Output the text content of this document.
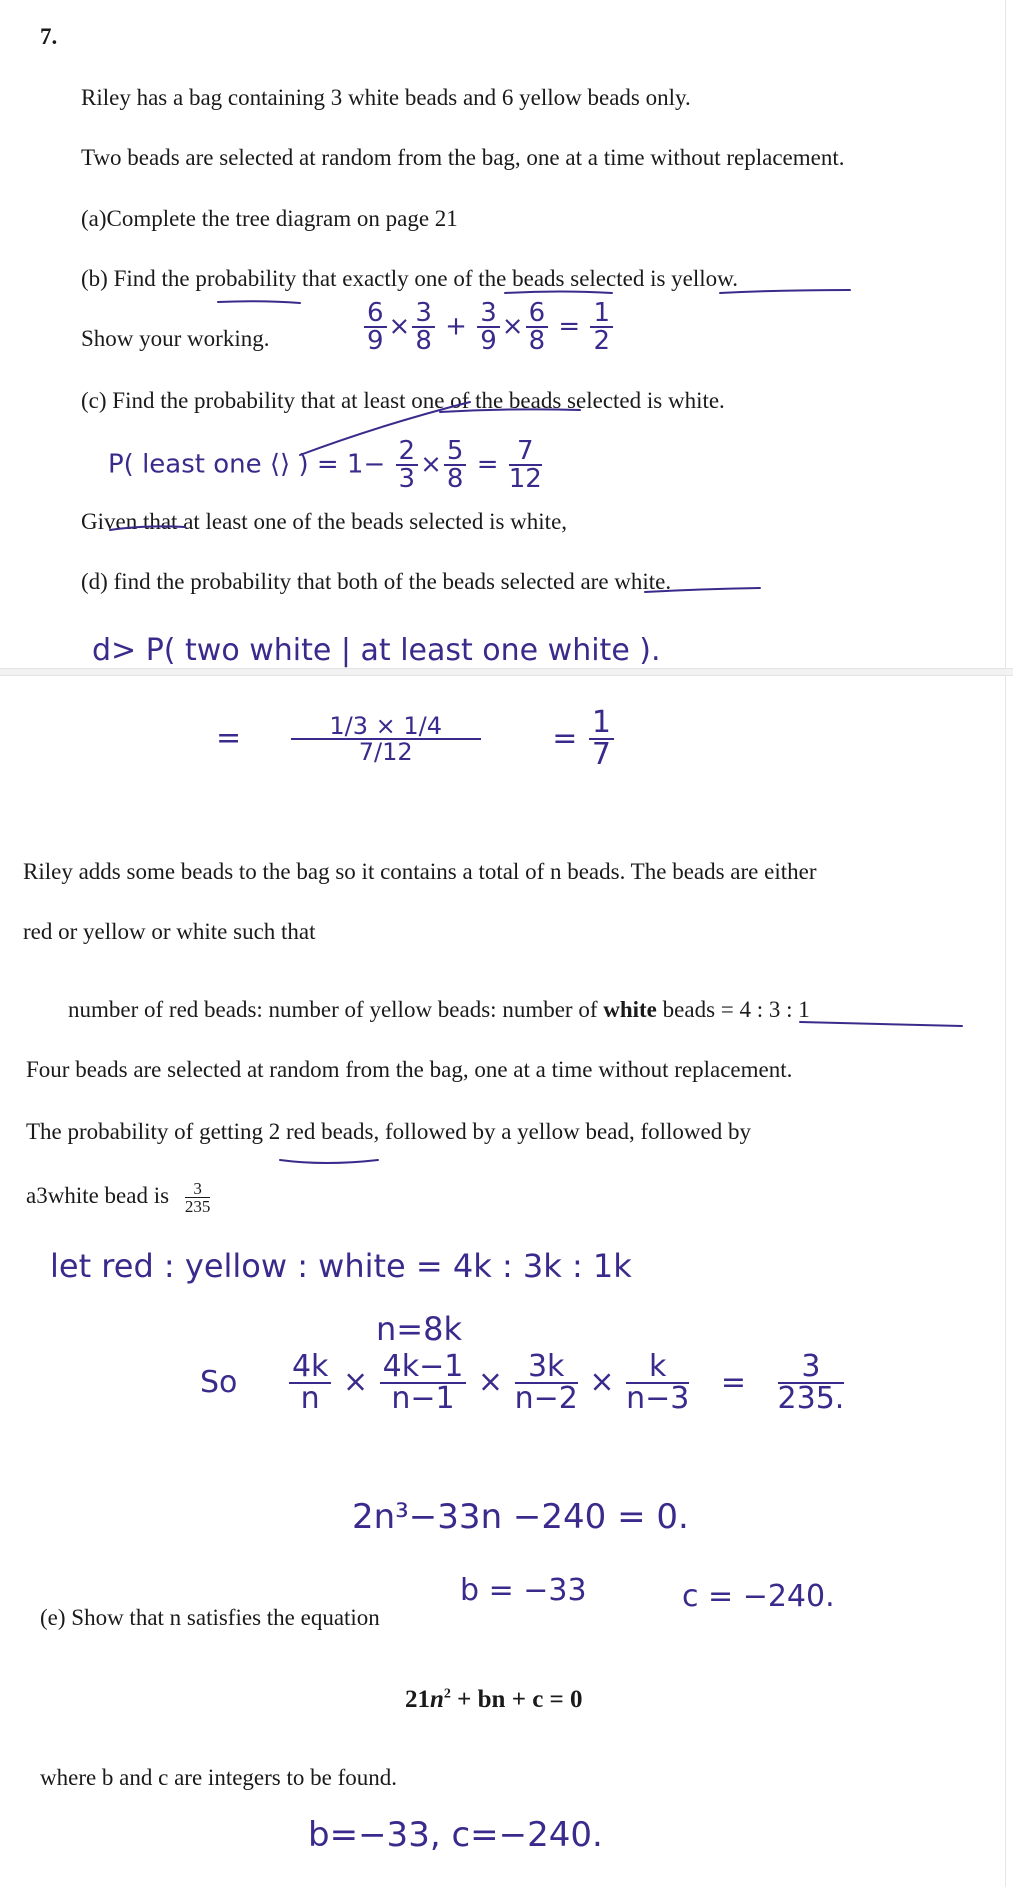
7.
Riley has a bag containing 3 white beads and 6 yellow beads only.
Two beads are selected at random from the bag, one at a time without replacement.
(a)Complete the tree diagram on page 21
(b) Find the probability that exactly one of the beads selected is yellow.
Show your working.	$\frac{6}{9} \times \frac{3}{8} + \frac{3}{9} \times \frac{6}{8} = \frac{1}{2}$
(c) Find the probability that at least one of the beads selected is white.
P( least one ⟨⟩ ) = $1- \frac{2}{3} \times \frac{5}{8} = \frac{7}{12}$
Given that at least one of the beads selected is white,
(d) find the probability that both of the beads selected are white.
d> P( two white | at least one white ).
= $\frac{1/3 \times 1/4}{7/12} = \frac{1}{7}$
Riley adds some beads to the bag so it contains a total of n beads. The beads are either
red or yellow or white such that
number of red beads: number of yellow beads: number of white beads = 4 : 3 : 1
Four beads are selected at random from the bag, one at a time without replacement.
The probability of getting 2 red beads, followed by a yellow bead, followed by
a3white bead is $\frac{3}{235}$
let red : yellow : white = 4k : 3k : 1k
n=8k
So $\frac{4k}{n} \times \frac{4k-1}{n-1} \times \frac{3k}{n-2} \times \frac{k}{n-3} = \frac{3}{235.}$
2n³−33n −240 = 0.
b = −33	c = −240.
(e) Show that n satisfies the equation
$21n^2$ + bn + c = 0
where b and c are integers to be found.
b=−33, c=−240.
